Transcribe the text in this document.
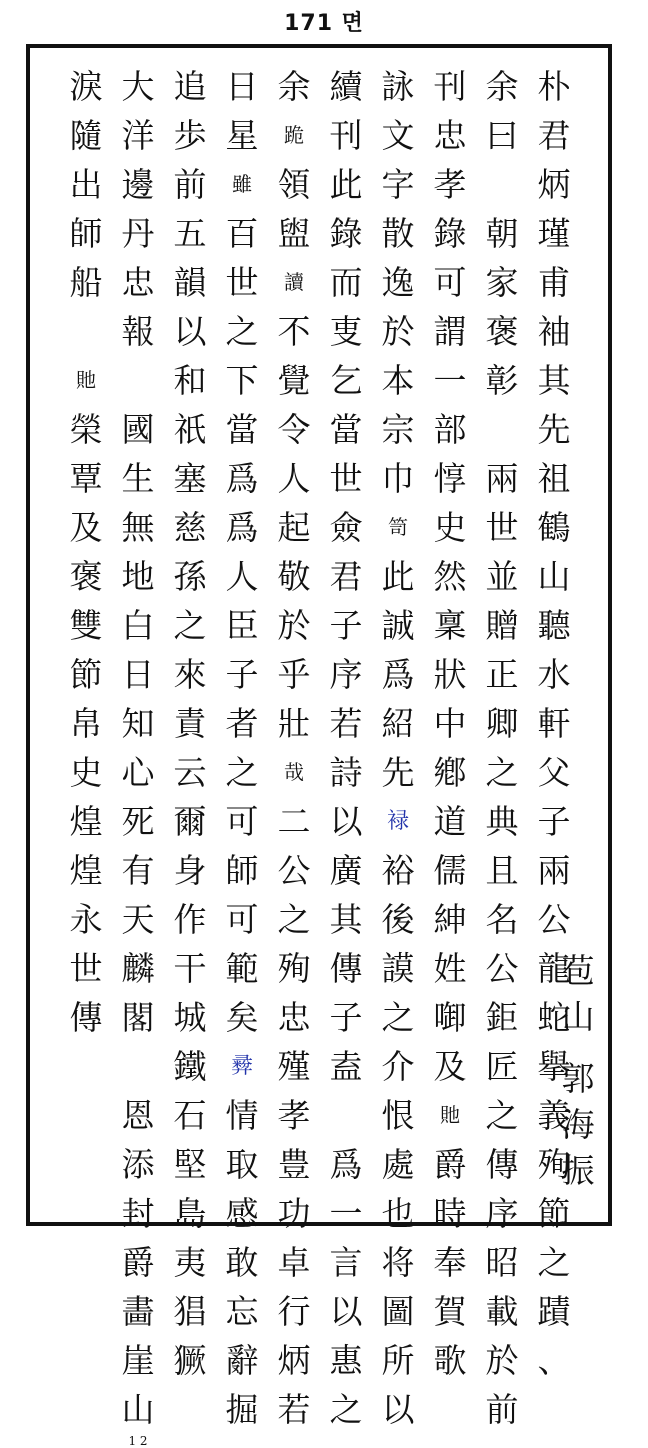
171 면
苞
山
郭
海
振
朴
君
炳
瑾
甫
袖
其
先
祖
鶴
山
聽
水
軒
父
子
兩
公
龍
蛇
擧
義
殉
節
之
蹟
、
余
曰

朝
家
褒
彰

兩
世
並
贈
正
卿
之
典
且
名
公
鉅
匠
之
傳
序
昭
載
於
前
刊
忠
孝
錄
可
謂
一
部
惇
史
然
稟
狀
中
鄕
道
儒
紳
姓
啣
及
貤
爵
時
奉
賀
歌
詠
文
字
散
逸
於
本
宗
巾
笥
此
誠
爲
紹
先
䘵
裕
後
謨
之
介
恨
處
也
将
圖
所
以
續
刊
此
錄
而
叓
乞
當
世
僉
君
子
序
若
詩
以
廣
其
傳
子
盍

爲
一
言
以
惠
之
余
跪
領
盥
讀
不
覺
令
人
起
敬
於
乎
壯
哉
二
公
之
殉
忠
殣
孝
豊
功
卓
行
炳
若
日
星
雖
百
世
之
下
當
爲
爲
人
臣
子
者
之
可
師
可
範
矣
彛
情
取
感
敢
忘
辭
掘
追
歩
前
五
韻
以
和
祇
塞
慈
孫
之
來
責
云
爾
身
作
干
城
鐵
石
堅
島
夷
猖
獗
大
洋
邊
丹
忠
報

國
生
無
地
白
日
知
心
死
有
天
麟
閣

恩
添
封
爵
畵
崖
山
1 2
淚
隨
出
師
船

貤
榮
覃
及
褒
雙
節
帛
史
煌
煌
永
世
傳
